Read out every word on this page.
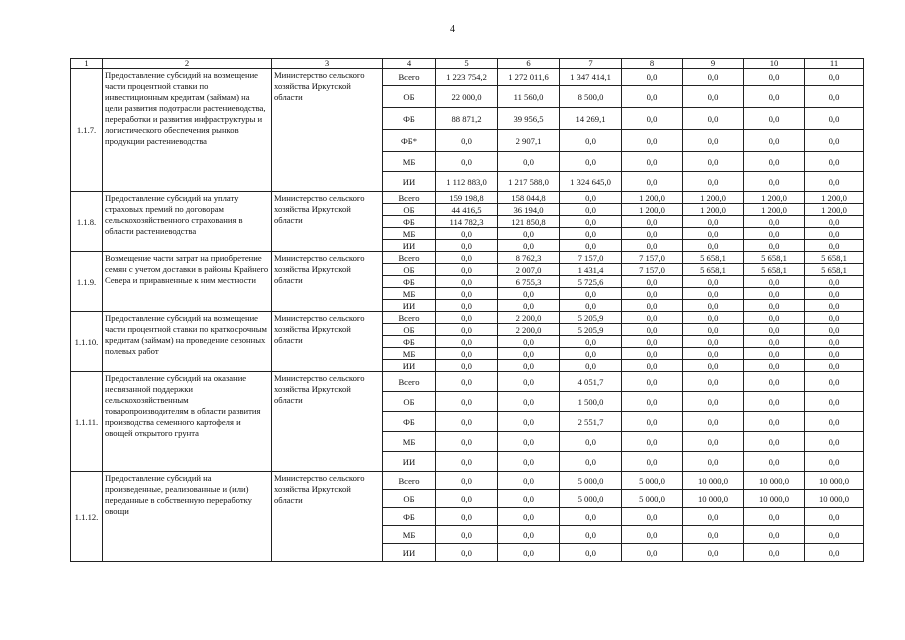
4
1	2	3	4	5	6	7	8	9	10	11
1.1.7.	Предоставление субсидий на возмещение части процентной ставки по инвестиционным кредитам (займам) на цели развития подотрасли растениеводства, переработки и развития инфраструктуры и логистического обеспечения рынков продукции растениеводства	Министерство сельского хозяйства Иркутской области	Всего	1 223 754,2	1 272 011,6	1 347 414,1	0,0	0,0	0,0	0,0
			ОБ	22 000,0	11 560,0	8 500,0	0,0	0,0	0,0	0,0
			ФБ	88 871,2	39 956,5	14 269,1	0,0	0,0	0,0	0,0
			ФБ*	0,0	2 907,1	0,0	0,0	0,0	0,0	0,0
			МБ	0,0	0,0	0,0	0,0	0,0	0,0	0,0
			ИИ	1 112 883,0	1 217 588,0	1 324 645,0	0,0	0,0	0,0	0,0
1.1.8.	Предоставление субсидий на уплату страховых премий по договорам сельскохозяйственного страхования в области растениеводства	Министерство сельского хозяйства Иркутской области	Всего	159 198,8	158 044,8	0,0	1 200,0	1 200,0	1 200,0	1 200,0
			ОБ	44 416,5	36 194,0	0,0	1 200,0	1 200,0	1 200,0	1 200,0
			ФБ	114 782,3	121 850,8	0,0	0,0	0,0	0,0	0,0
			МБ	0,0	0,0	0,0	0,0	0,0	0,0	0,0
			ИИ	0,0	0,0	0,0	0,0	0,0	0,0	0,0
1.1.9.	Возмещение части затрат на приобретение семян с учетом доставки в районы Крайнего Севера и приравненные к ним местности	Министерство сельского хозяйства Иркутской области	Всего	0,0	8 762,3	7 157,0	7 157,0	5 658,1	5 658,1	5 658,1
			ОБ	0,0	2 007,0	1 431,4	7 157,0	5 658,1	5 658,1	5 658,1
			ФБ	0,0	6 755,3	5 725,6	0,0	0,0	0,0	0,0
			МБ	0,0	0,0	0,0	0,0	0,0	0,0	0,0
			ИИ	0,0	0,0	0,0	0,0	0,0	0,0	0,0
1.1.10.	Предоставление субсидий на возмещение части процентной ставки по краткосрочным кредитам (займам) на проведение сезонных полевых работ	Министерство сельского хозяйства Иркутской области	Всего	0,0	2 200,0	5 205,9	0,0	0,0	0,0	0,0
			ОБ	0,0	2 200,0	5 205,9	0,0	0,0	0,0	0,0
			ФБ	0,0	0,0	0,0	0,0	0,0	0,0	0,0
			МБ	0,0	0,0	0,0	0,0	0,0	0,0	0,0
			ИИ	0,0	0,0	0,0	0,0	0,0	0,0	0,0
1.1.11.	Предоставление субсидий на оказание несвязанной поддержки сельскохозяйственным товаропроизводителям в области развития производства семенного картофеля и овощей открытого грунта	Министерство сельского хозяйства Иркутской области	Всего	0,0	0,0	4 051,7	0,0	0,0	0,0	0,0
			ОБ	0,0	0,0	1 500,0	0,0	0,0	0,0	0,0
			ФБ	0,0	0,0	2 551,7	0,0	0,0	0,0	0,0
			МБ	0,0	0,0	0,0	0,0	0,0	0,0	0,0
			ИИ	0,0	0,0	0,0	0,0	0,0	0,0	0,0
1.1.12.	Предоставление субсидий на произведенные, реализованные и (или) переданные в собственную переработку овощи	Министерство сельского хозяйства Иркутской области	Всего	0,0	0,0	5 000,0	5 000,0	10 000,0	10 000,0	10 000,0
			ОБ	0,0	0,0	5 000,0	5 000,0	10 000,0	10 000,0	10 000,0
			ФБ	0,0	0,0	0,0	0,0	0,0	0,0	0,0
			МБ	0,0	0,0	0,0	0,0	0,0	0,0	0,0
			ИИ	0,0	0,0	0,0	0,0	0,0	0,0	0,0
